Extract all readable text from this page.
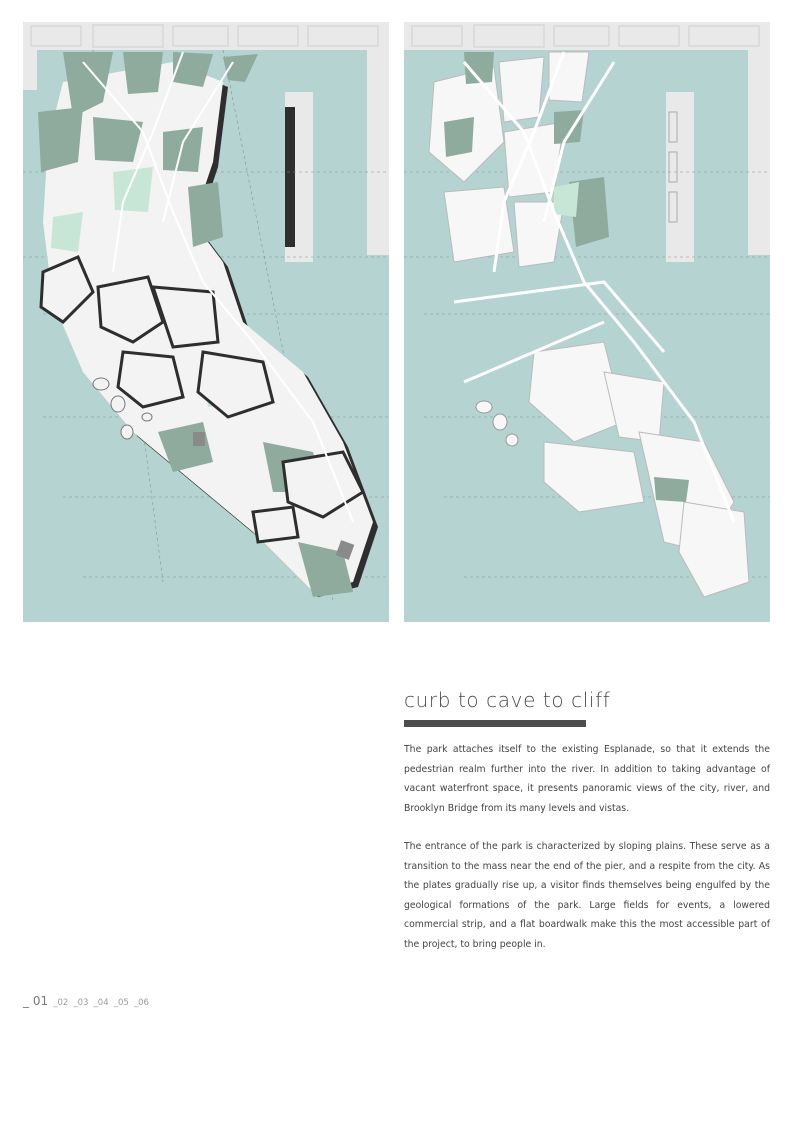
curb to cave to cliff

The park attaches itself to the existing Esplanade, so that it extends the pedestrian realm further into the river. In addition to taking advantage of vacant waterfront space, it presents panoramic views of the city, river, and Brooklyn Bridge from its many levels and vistas.

The entrance of the park is characterized by sloping plains. These serve as a transition to the mass near the end of the pier, and a respite from the city. As the plates gradually rise up, a visitor finds themselves being engulfed by the geological formations of the park. Large fields for events, a lowered commercial strip, and a flat boardwalk make this the most accessible part of the project, to bring people in.

_ 01 _02 _03 _04 _05 _06
